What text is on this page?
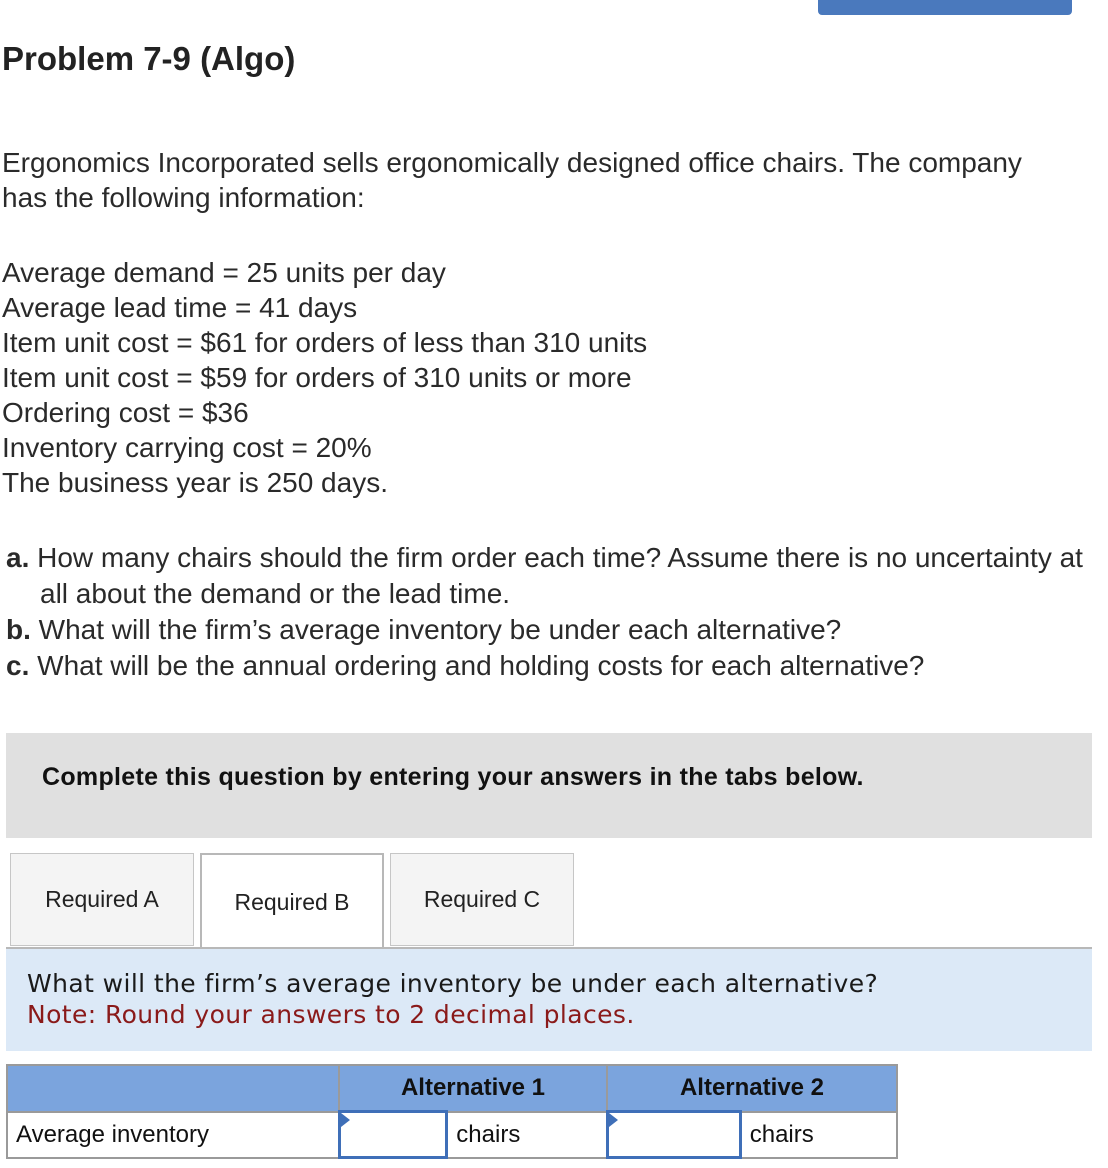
Problem 7-9 (Algo)
Ergonomics Incorporated sells ergonomically designed office chairs. The company has the following information:
Average demand = 25 units per day
Average lead time = 41 days
Item unit cost = $61 for orders of less than 310 units
Item unit cost = $59 for orders of 310 units or more
Ordering cost = $36
Inventory carrying cost = 20%
The business year is 250 days.
a. How many chairs should the firm order each time? Assume there is no uncertainty at all about the demand or the lead time.
b. What will the firm’s average inventory be under each alternative?
c. What will be the annual ordering and holding costs for each alternative?
Complete this question by entering your answers in the tabs below.
Required A	Required B	Required C
What will the firm’s average inventory be under each alternative?
Note: Round your answers to 2 decimal places.
	Alternative 1		Alternative 2	
Average inventory		chairs		chairs
